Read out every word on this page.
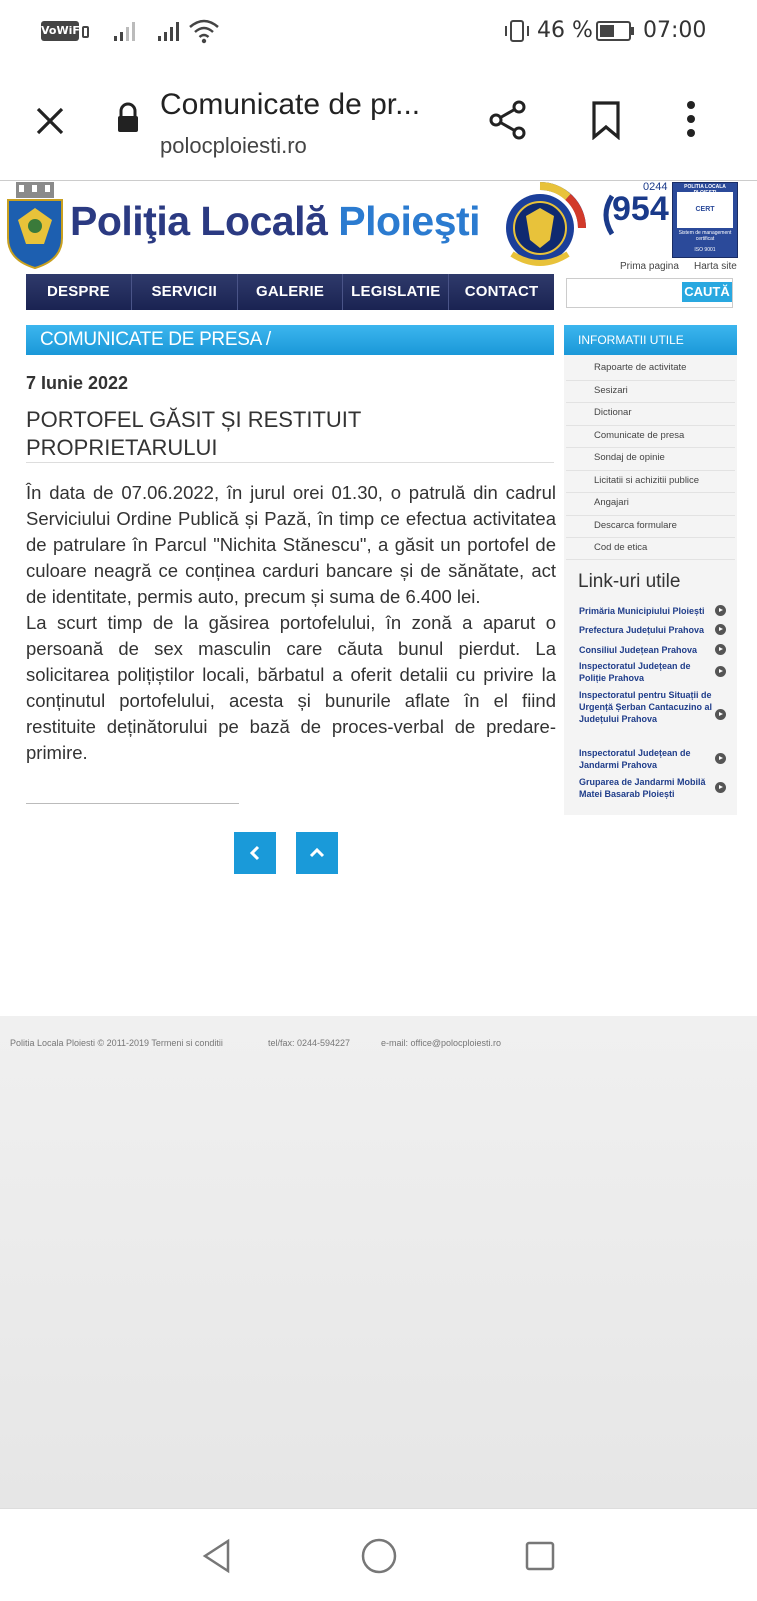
VoWiFi	46 % 07:00
Comunicate de pr...
polocploiesti.ro
Poliţia Locală Ploieşti
0244
954
POLITIA LOCALA
CERT
Sistem de management certificat
ISO 9001
Prima pagina Harta site
DESPRE	SERVICII	GALERIE	LEGISLATIE	CONTACT	CAUTĂ
COMUNICATE DE PRESA /
7 Iunie 2022
PORTOFEL GĂSIT ȘI RESTITUIT PROPRIETARULUI

În data de 07.06.2022, în jurul orei 01.30, o patrulă din cadrul Serviciului Ordine Publică și Pază, în timp ce efectua activitatea de patrulare în Parcul "Nichita Stănescu", a găsit un portofel de culoare neagră ce conținea carduri bancare și de sănătate, act de identitate, permis auto, precum și suma de 6.400 lei.

La scurt timp de la găsirea portofelului, în zonă a aparut o persoană de sex masculin care căuta bunul pierdut. La solicitarea polițiștilor locali, bărbatul a oferit detalii cu privire la conținutul portofelului, acesta și bunurile aflate în el fiind restituite deținătorului pe bază de proces-verbal de predare-primire.

INFORMATII UTILE
Rapoarte de activitate
Sesizari
Dictionar
Comunicate de presa
Sondaj de opinie
Licitatii si achizitii publice
Angajari
Descarca formulare
Cod de etica
Link-uri utile
Primăria Municipiului Ploiești
Prefectura Județului Prahova
Consiliul Județean Prahova
Inspectoratul Județean de Poliție Prahova
Inspectoratul pentru Situații de Urgență Șerban Cantacuzino al Județului Prahova
Inspectoratul Județean de Jandarmi Prahova
Gruparea de Jandarmi Mobilă Matei Basarab Ploiești
Politia Locala Ploiesti © 2011-2019 Termeni si conditii	tel/fax: 0244-594227	e-mail: office@polocploiesti.ro
